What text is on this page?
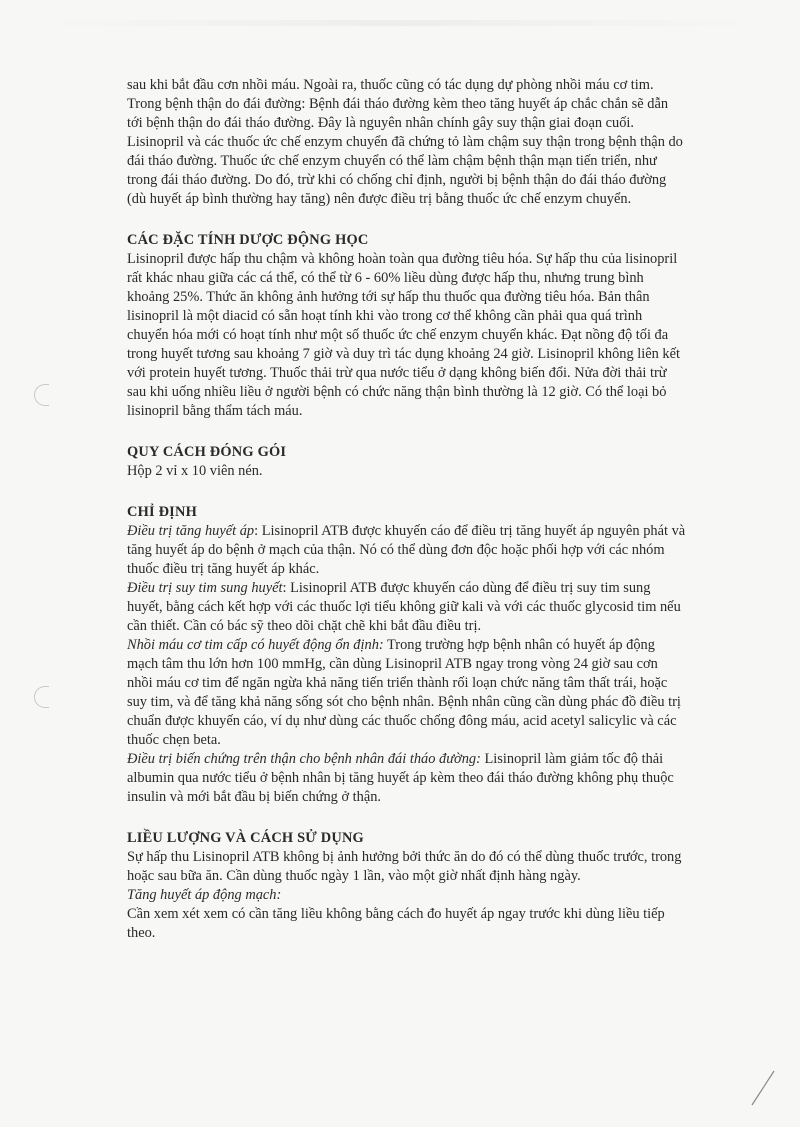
sau khi bắt đầu cơn nhồi máu. Ngoài ra, thuốc cũng có tác dụng dự phòng nhồi máu cơ tim.

Trong bệnh thận do đái đường: Bệnh đái tháo đường kèm theo tăng huyết áp chắc chắn sẽ dẫn tới bệnh thận do đái tháo đường. Đây là nguyên nhân chính gây suy thận giai đoạn cuối. Lisinopril và các thuốc ức chế enzym chuyển đã chứng tỏ làm chậm suy thận trong bệnh thận do đái tháo đường. Thuốc ức chế enzym chuyển có thể làm chậm bệnh thận mạn tiến triển, như trong đái tháo đường. Do đó, trừ khi có chống chỉ định, người bị bệnh thận do đái tháo đường (dù huyết áp bình thường hay tăng) nên được điều trị bằng thuốc ức chế enzym chuyển.

CÁC ĐẶC TÍNH DƯỢC ĐỘNG HỌC

Lisinopril được hấp thu chậm và không hoàn toàn qua đường tiêu hóa. Sự hấp thu của lisinopril rất khác nhau giữa các cá thể, có thể từ 6 - 60% liều dùng được hấp thu, nhưng trung bình khoảng 25%. Thức ăn không ảnh hưởng tới sự hấp thu thuốc qua đường tiêu hóa. Bản thân lisinopril là một diacid có sẵn hoạt tính khi vào trong cơ thể không cần phải qua quá trình chuyển hóa mới có hoạt tính như một số thuốc ức chế enzym chuyển khác. Đạt nồng độ tối đa trong huyết tương sau khoảng 7 giờ và duy trì tác dụng khoảng 24 giờ. Lisinopril không liên kết với protein huyết tương. Thuốc thải trừ qua nước tiểu ở dạng không biến đổi. Nửa đời thải trừ sau khi uống nhiều liều ở người bệnh có chức năng thận bình thường là 12 giờ. Có thể loại bỏ lisinopril bằng thẩm tách máu.

QUY CÁCH ĐÓNG GÓI

Hộp 2 vỉ x 10 viên nén.

CHỈ ĐỊNH

Điều trị tăng huyết áp: Lisinopril ATB được khuyến cáo để điều trị tăng huyết áp nguyên phát và tăng huyết áp do bệnh ở mạch của thận. Nó có thể dùng đơn độc hoặc phối hợp với các nhóm thuốc điều trị tăng huyết áp khác.

Điều trị suy tim sung huyết: Lisinopril ATB được khuyến cáo dùng để điều trị suy tim sung huyết, bằng cách kết hợp với các thuốc lợi tiểu không giữ kali và với các thuốc glycosid tim nếu cần thiết. Cần có bác sỹ theo dõi chặt chẽ khi bắt đầu điều trị.

Nhồi máu cơ tim cấp có huyết động ổn định: Trong trường hợp bệnh nhân có huyết áp động mạch tâm thu lớn hơn 100 mmHg, cần dùng Lisinopril ATB ngay trong vòng 24 giờ sau cơn nhồi máu cơ tim để ngăn ngừa khả năng tiến triển thành rối loạn chức năng tâm thất trái, hoặc suy tim, và để tăng khả năng sống sót cho bệnh nhân. Bệnh nhân cũng cần dùng phác đồ điều trị chuẩn được khuyến cáo, ví dụ như dùng các thuốc chống đông máu, acid acetyl salicylic và các thuốc chẹn beta.

Điều trị biến chứng trên thận cho bệnh nhân đái tháo đường: Lisinopril làm giảm tốc độ thải albumin qua nước tiểu ở bệnh nhân bị tăng huyết áp kèm theo đái tháo đường không phụ thuộc insulin và mới bắt đầu bị biến chứng ở thận.

LIỀU LƯỢNG VÀ CÁCH SỬ DỤNG

Sự hấp thu Lisinopril ATB không bị ảnh hưởng bởi thức ăn do đó có thể dùng thuốc trước, trong hoặc sau bữa ăn. Cần dùng thuốc ngày 1 lần, vào một giờ nhất định hàng ngày.

Tăng huyết áp động mạch:

Cần xem xét xem có cần tăng liều không bằng cách đo huyết áp ngay trước khi dùng liều tiếp theo.
